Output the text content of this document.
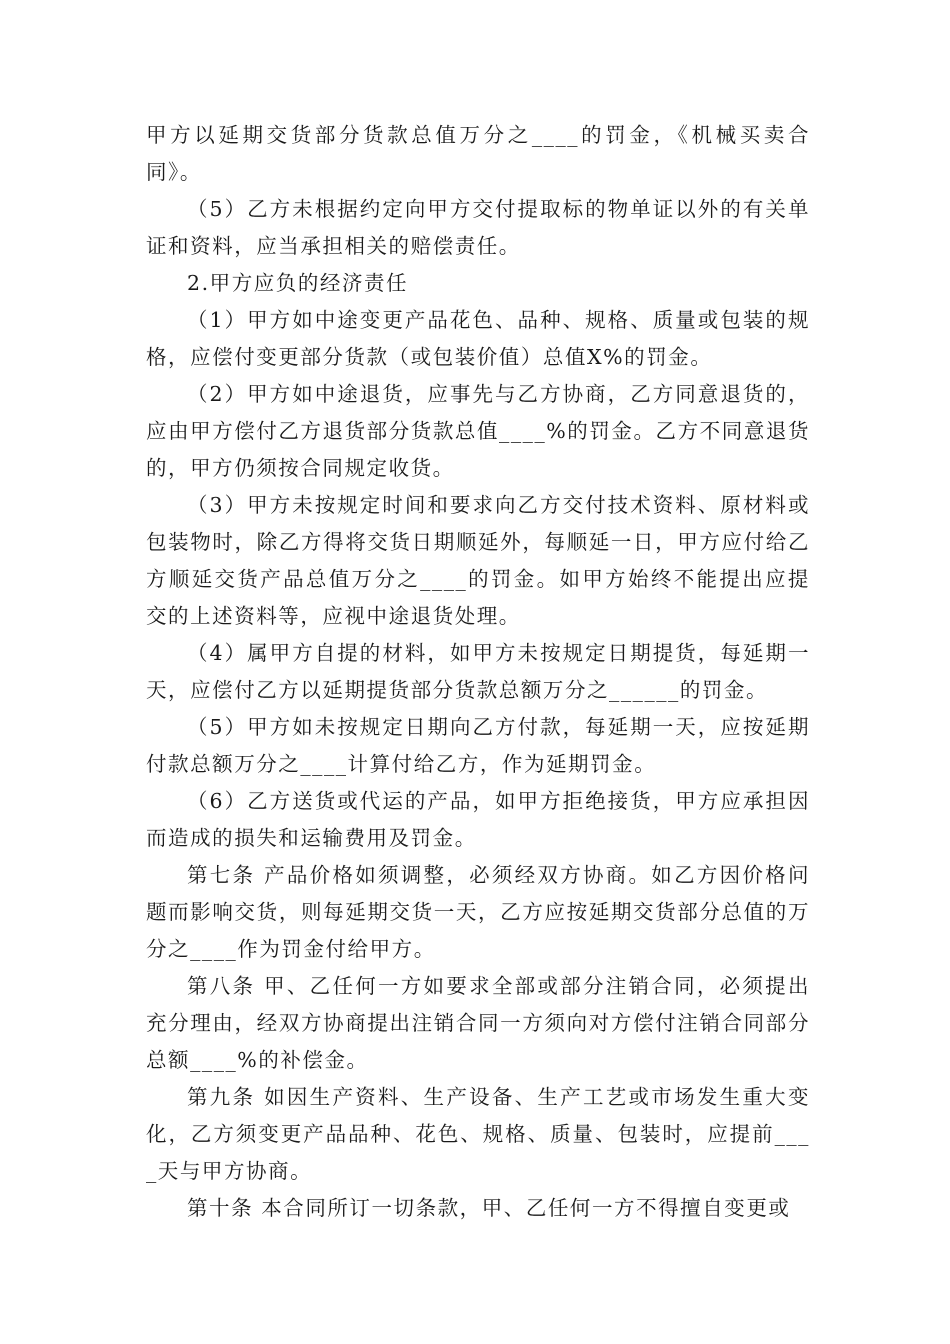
甲方以延期交货部分货款总值万分之____的罚金，《机械买卖合同》。

（5）乙方未根据约定向甲方交付提取标的物单证以外的有关单证和资料，应当承担相关的赔偿责任。

2.甲方应负的经济责任

（1）甲方如中途变更产品花色、品种、规格、质量或包装的规格，应偿付变更部分货款（或包装价值）总值X%的罚金。

（2）甲方如中途退货，应事先与乙方协商，乙方同意退货的，应由甲方偿付乙方退货部分货款总值____%的罚金。乙方不同意退货的，甲方仍须按合同规定收货。

（3）甲方未按规定时间和要求向乙方交付技术资料、原材料或包装物时，除乙方得将交货日期顺延外，每顺延一日，甲方应付给乙方顺延交货产品总值万分之____的罚金。如甲方始终不能提出应提交的上述资料等，应视中途退货处理。

（4）属甲方自提的材料，如甲方未按规定日期提货，每延期一天，应偿付乙方以延期提货部分货款总额万分之______的罚金。

（5）甲方如未按规定日期向乙方付款，每延期一天，应按延期付款总额万分之____计算付给乙方，作为延期罚金。

（6）乙方送货或代运的产品，如甲方拒绝接货，甲方应承担因而造成的损失和运输费用及罚金。

第七条 产品价格如须调整，必须经双方协商。如乙方因价格问题而影响交货，则每延期交货一天，乙方应按延期交货部分总值的万分之____作为罚金付给甲方。

第八条 甲、乙任何一方如要求全部或部分注销合同，必须提出充分理由，经双方协商提出注销合同一方须向对方偿付注销合同部分总额____%的补偿金。

第九条 如因生产资料、生产设备、生产工艺或市场发生重大变化，乙方须变更产品品种、花色、规格、质量、包装时，应提前____天与甲方协商。

第十条 本合同所订一切条款，甲、乙任何一方不得擅自变更或
